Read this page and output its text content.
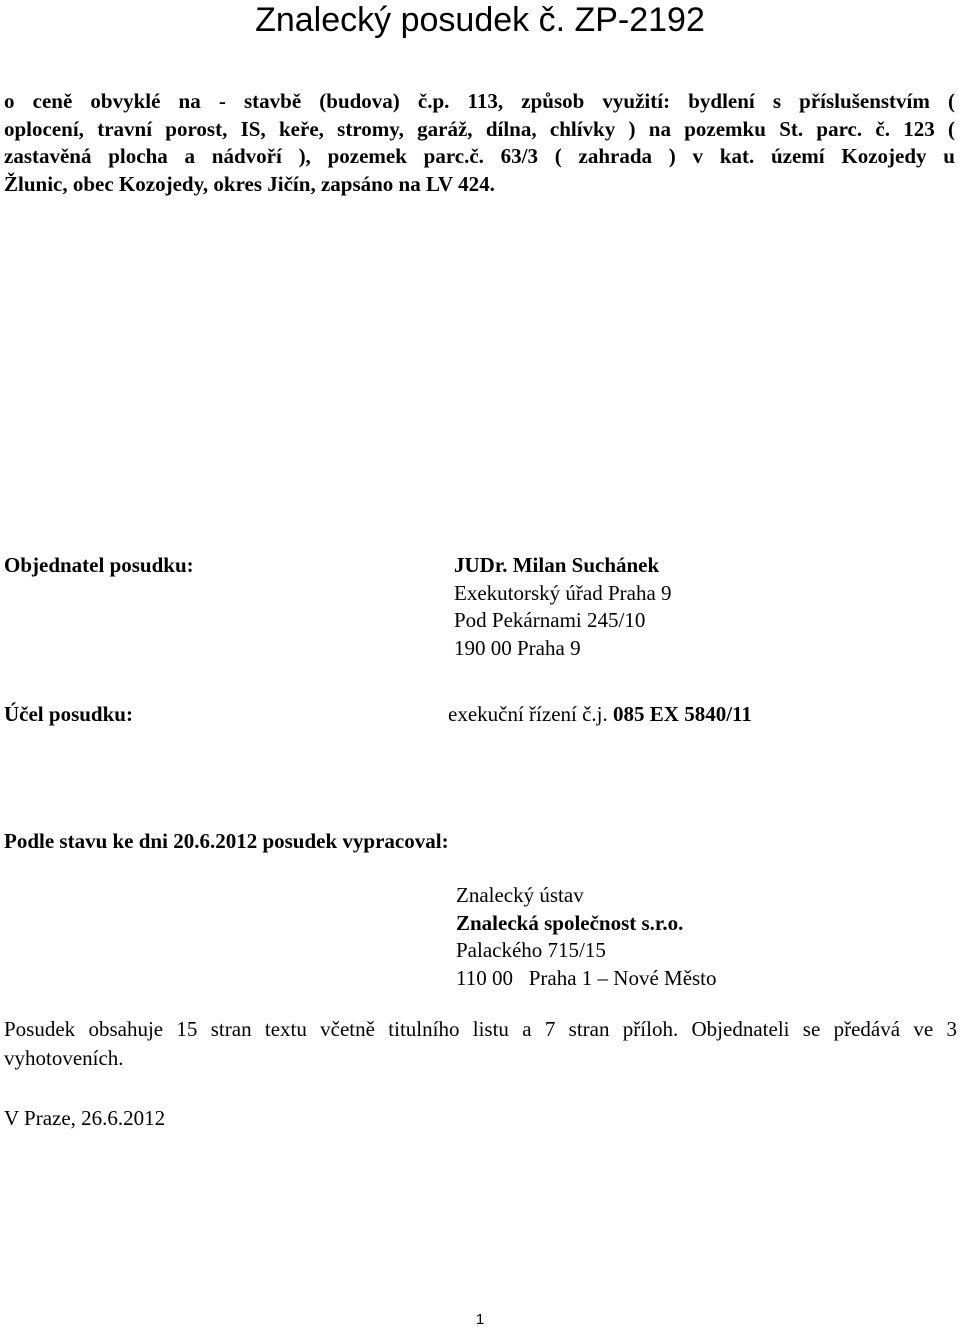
Znalecký posudek č. ZP-2192
o ceně obvyklé na - stavbě (budova) č.p. 113, způsob využití: bydlení s příslušenstvím (
oplocení, travní porost, IS, keře, stromy, garáž, dílna, chlívky ) na pozemku St. parc. č. 123 (
zastavěná plocha a nádvoří ), pozemek parc.č. 63/3 ( zahrada ) v kat. území Kozojedy u
Žlunic, obec Kozojedy, okres Jičín, zapsáno na LV 424.
Objednatel posudku:	JUDr. Milan Suchánek
Exekutorský úřad Praha 9
Pod Pekárnami 245/10
190 00 Praha 9
Účel posudku:	exekuční řízení č.j. 085 EX 5840/11
Podle stavu ke dni 20.6.2012 posudek vypracoval:
Znalecký ústav
Znalecká společnost s.r.o.
Palackého 715/15
110 00   Praha 1 – Nové Město
Posudek obsahuje 15 stran textu včetně titulního listu a 7 stran příloh. Objednateli se předává ve 3
vyhotoveních.
V Praze, 26.6.2012
1
